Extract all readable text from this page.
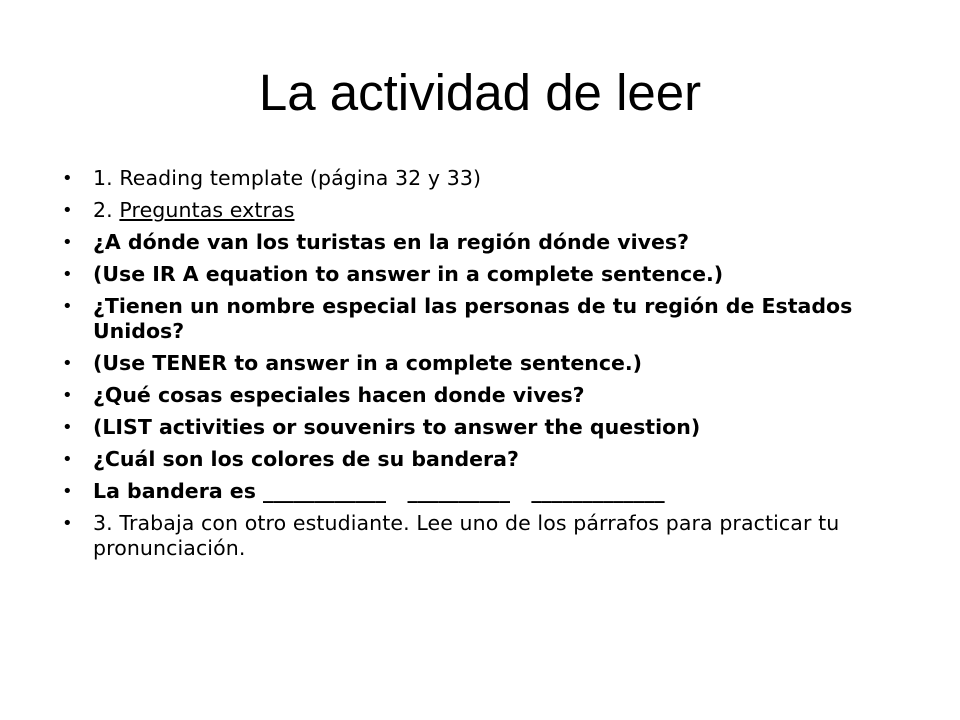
La actividad de leer
• 1. Reading template (página 32 y 33)
• 2. Preguntas extras
• ¿A dónde van los turistas en la región dónde vives?
• (Use IR A equation to answer in a complete sentence.)
• ¿Tienen un nombre especial las personas de tu región de Estados Unidos?
• (Use TENER to answer in a complete sentence.)
• ¿Qué cosas especiales hacen donde vives?
• (LIST activities or souvenirs to answer the question)
• ¿Cuál son los colores de su bandera?
• La bandera es ____________   __________   _____________
• 3. Trabaja con otro estudiante. Lee uno de los párrafos para practicar tu pronunciación.
